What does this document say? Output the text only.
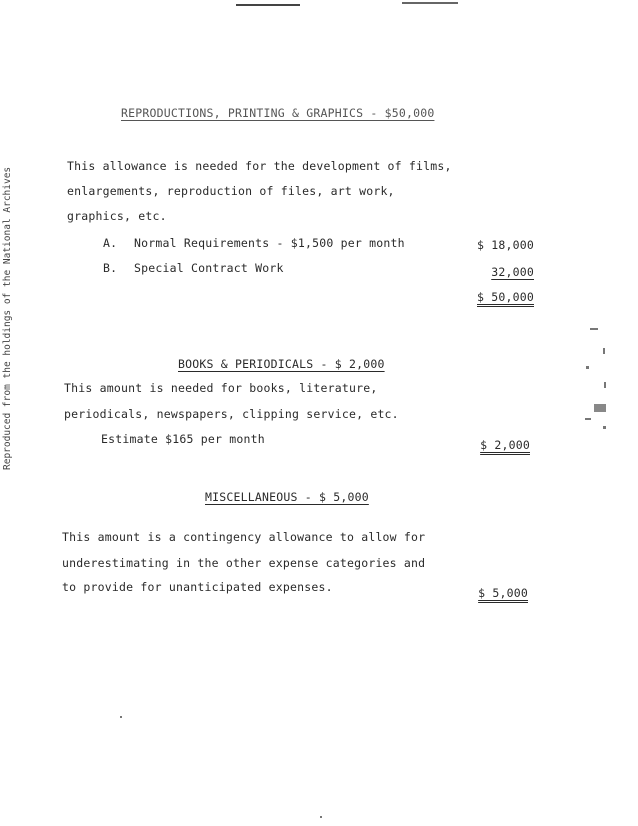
Reproduced from the holdings of the National Archives
REPRODUCTIONS, PRINTING & GRAPHICS - $50,000
This allowance is needed for the development of films,
enlargements, reproduction of files, art work,
graphics, etc.
A. Normal Requirements - $1,500 per month	$ 18,000
B. Special Contract Work	32,000
$ 50,000
BOOKS & PERIODICALS - $ 2,000
This amount is needed for books, literature,
periodicals, newspapers, clipping service, etc.
Estimate $165 per month	$ 2,000
MISCELLANEOUS - $ 5,000
This amount is a contingency allowance to allow for
underestimating in the other expense categories and
to provide for unanticipated expenses.	$ 5,000
